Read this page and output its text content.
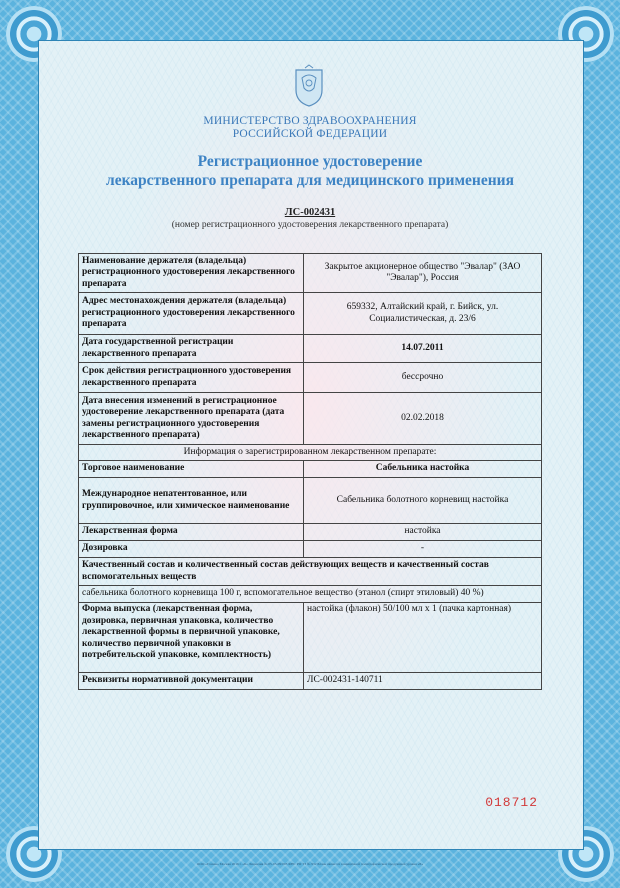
МИНИСТЕРСТВО ЗДРАВООХРАНЕНИЯ
РОССИЙСКОЙ ФЕДЕРАЦИИ
Регистрационное удостоверение
лекарственного препарата для медицинского применения
ЛС-002431
(номер регистрационного удостоверения лекарственного препарата)
Наименование держателя (владельца) регистрационного удостоверения лекарственного препарата	Закрытое акционерное общество "Эвалар" (ЗАО "Эвалар"), Россия
Адрес местонахождения держателя (владельца) регистрационного удостоверения лекарственного препарата	659332, Алтайский край, г. Бийск, ул. Социалистическая, д. 23/6
Дата государственной регистрации лекарственного препарата	14.07.2011
Срок действия регистрационного удостоверения лекарственного препарата	бессрочно
Дата внесения изменений в регистрационное удостоверение лекарственного препарата (дата замены регистрационного удостоверения лекарственного препарата)	02.02.2018
Информация о зарегистрированном лекарственном препарате:	
Торговое наименование	Сабельника настойка
Международное непатентованное, или группировочное, или химическое наименование	Сабельника болотного корневищ настойка
Лекарственная форма	настойка
Дозировка	-
Качественный состав и количественный состав действующих веществ и качественный состав вспомогательных веществ	
сабельника болотного корневища 100 г, вспомогательное вещество (этанол (спирт этиловый) 40 %)	
Форма выпуска (лекарственная форма, дозировка, первичная упаковка, количество лекарственной формы в первичной упаковке, количество первичной упаковки в потребительской упаковке, комплектность)	настойка (флакон) 50/100 мл х 1 (пачка картонная)
Реквизиты нормативной документации	ЛС-002431-140711
018712
ООО «Гознак» Москва 2016 г. «Б» Лицензия № 05-05-09/003 ФНС РФ ТЗ № 932 Бланк является защищённой полиграфической продукцией уровня «Б»
